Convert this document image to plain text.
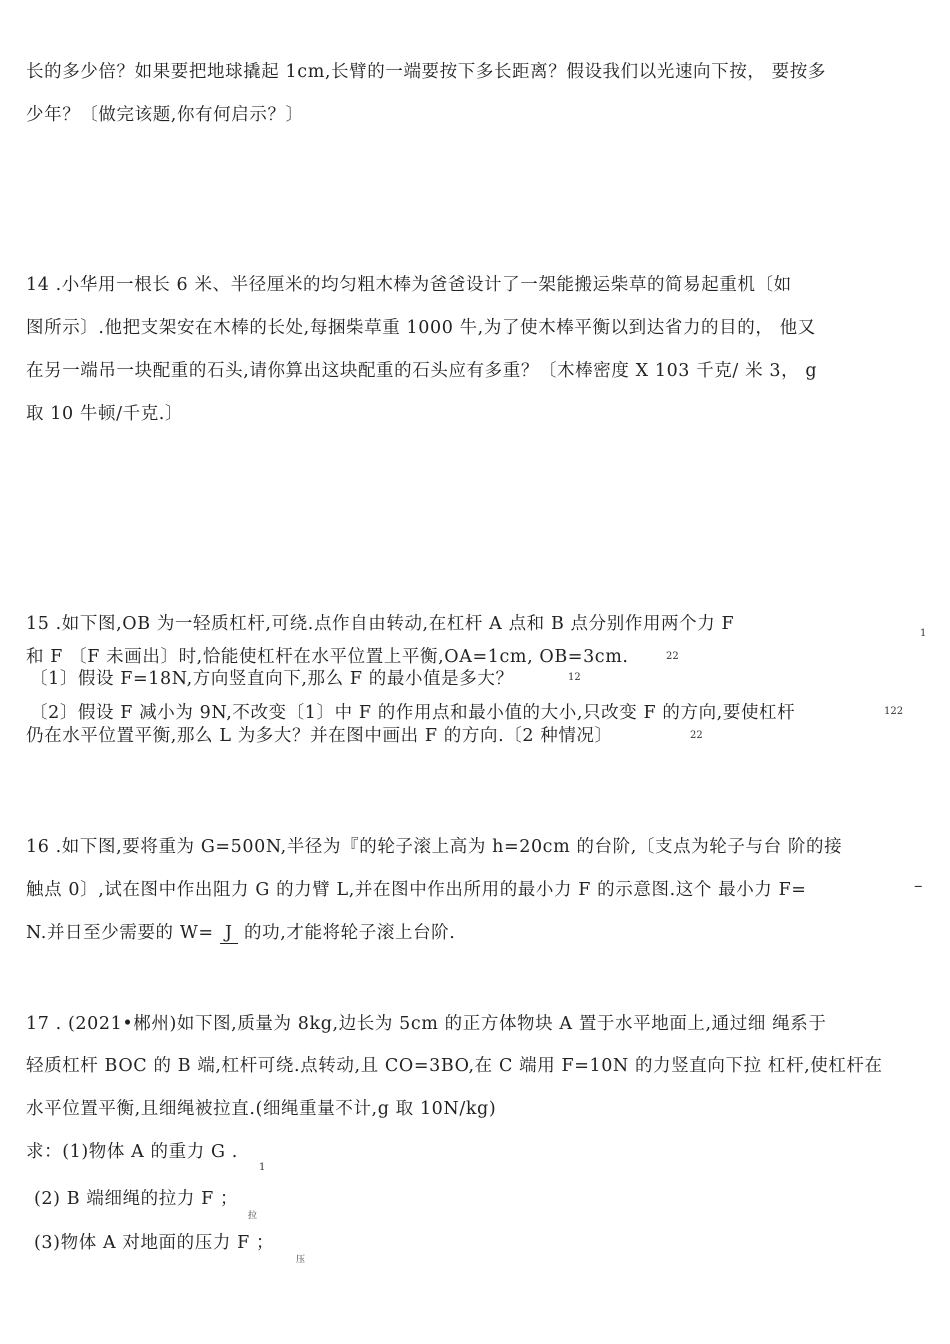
长的多少倍？如果要把地球撬起 1cm,长臂的一端要按下多长距离？假设我们以光速向下按， 要按多
少年？〔做完该题,你有何启示？〕
14 .小华用一根长 6 米、半径厘米的均匀粗木棒为爸爸设计了一架能搬运柴草的简易起重机〔如
图所示〕.他把支架安在木棒的长处,每捆柴草重 1000 牛,为了使木棒平衡以到达省力的目的， 他又
在另一端吊一块配重的石头,请你算出这块配重的石头应有多重？〔木棒密度 X 103 千克/ 米 3， g
取 10 牛顿/千克.〕
15 .如下图,OB 为一轻质杠杆,可绕.点作自由转动,在杠杆 A 点和 B 点分别作用两个力 F	1
和 F 〔F 未画出〕时,恰能使杠杆在水平位置上平衡,OA=1cm, OB=3cm.	22
〔1〕假设 F=18N,方向竖直向下,那么 F 的最小值是多大？	12
〔2〕假设 F 减小为 9N,不改变〔1〕中 F 的作用点和最小值的大小,只改变 F 的方向,要使杠杆	122
仍在水平位置平衡,那么 L 为多大？并在图中画出 F 的方向.〔2 种情况〕	22
16 .如下图,要将重为 G=500N,半径为『的轮子滚上高为 h=20cm 的台阶,〔支点为轮子与台 阶的接
触点 0〕,试在图中作出阻力 G 的力臂 L,并在图中作出所用的最小力 F 的示意图.这个 最小力 F=	–
N.并日至少需要的 W= J 的功,才能将轮子滚上台阶.
17 . (2021•郴州)如下图,质量为 8kg,边长为 5cm 的正方体物块 A 置于水平地面上,通过细 绳系于
轻质杠杆 BOC 的 B 端,杠杆可绕.点转动,且 CO=3BO,在 C 端用 F=10N 的力竖直向下拉 杠杆,使杠杆在
水平位置平衡,且细绳被拉直.(细绳重量不计,g 取 10N/kg)
求：(1)物体 A 的重力 G .
1
(2) B 端细绳的拉力 F ；
拉
(3)物体 A 对地面的压力 F ；
压
